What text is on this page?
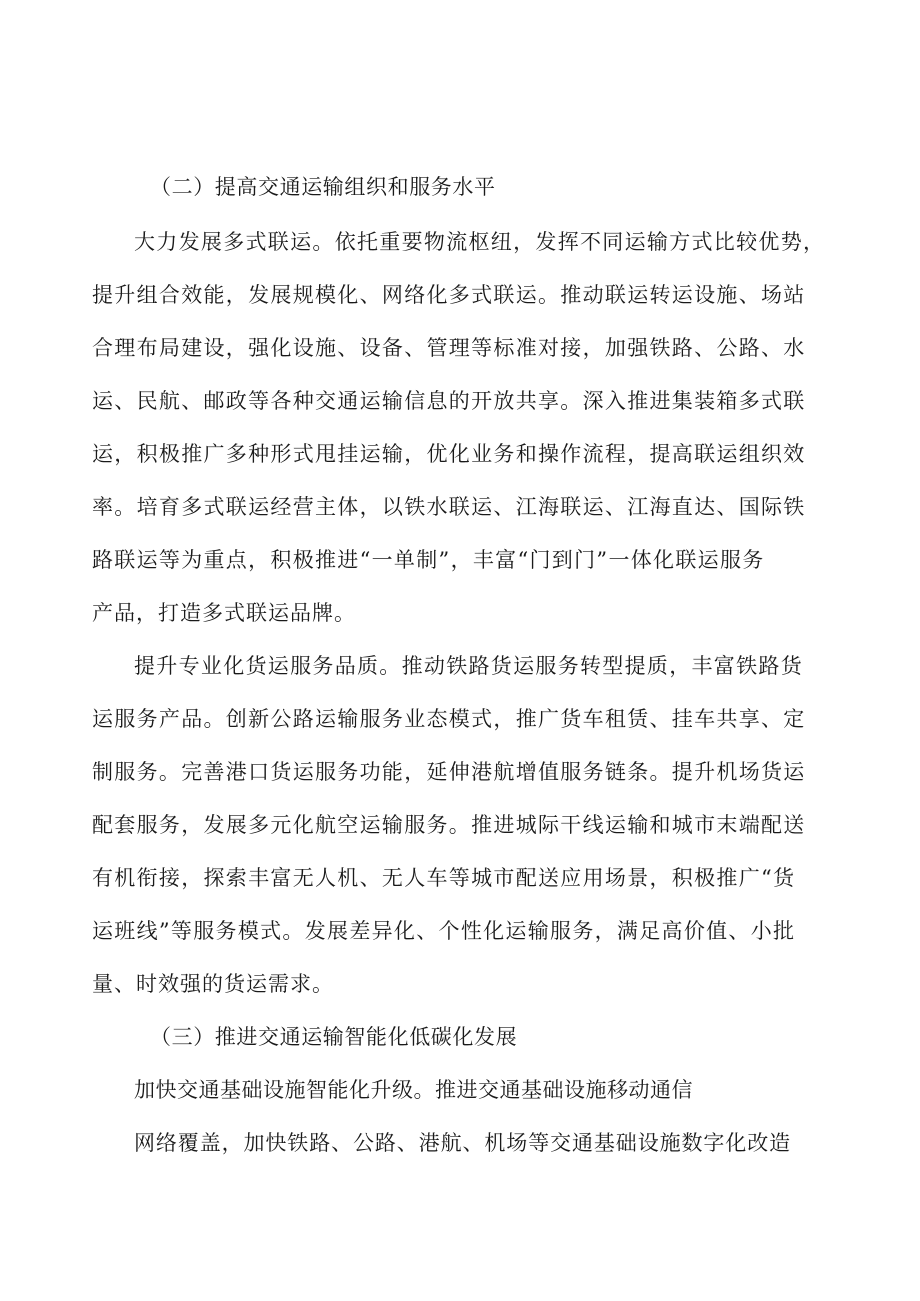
（二）提高交通运输组织和服务水平
大力发展多式联运。依托重要物流枢纽，发挥不同运输方式比较优势，
提升组合效能，发展规模化、网络化多式联运。推动联运转运设施、场站
合理布局建设，强化设施、设备、管理等标准对接，加强铁路、公路、水
运、民航、邮政等各种交通运输信息的开放共享。深入推进集装箱多式联
运，积极推广多种形式甩挂运输，优化业务和操作流程，提高联运组织效
率。培育多式联运经营主体，以铁水联运、江海联运、江海直达、国际铁
路联运等为重点，积极推进“一单制”，丰富“门到门”一体化联运服务
产品，打造多式联运品牌。
提升专业化货运服务品质。推动铁路货运服务转型提质，丰富铁路货
运服务产品。创新公路运输服务业态模式，推广货车租赁、挂车共享、定
制服务。完善港口货运服务功能，延伸港航增值服务链条。提升机场货运
配套服务，发展多元化航空运输服务。推进城际干线运输和城市末端配送
有机衔接，探索丰富无人机、无人车等城市配送应用场景，积极推广“货
运班线”等服务模式。发展差异化、个性化运输服务，满足高价值、小批
量、时效强的货运需求。
（三）推进交通运输智能化低碳化发展
加快交通基础设施智能化升级。推进交通基础设施移动通信
网络覆盖，加快铁路、公路、港航、机场等交通基础设施数字化改造
